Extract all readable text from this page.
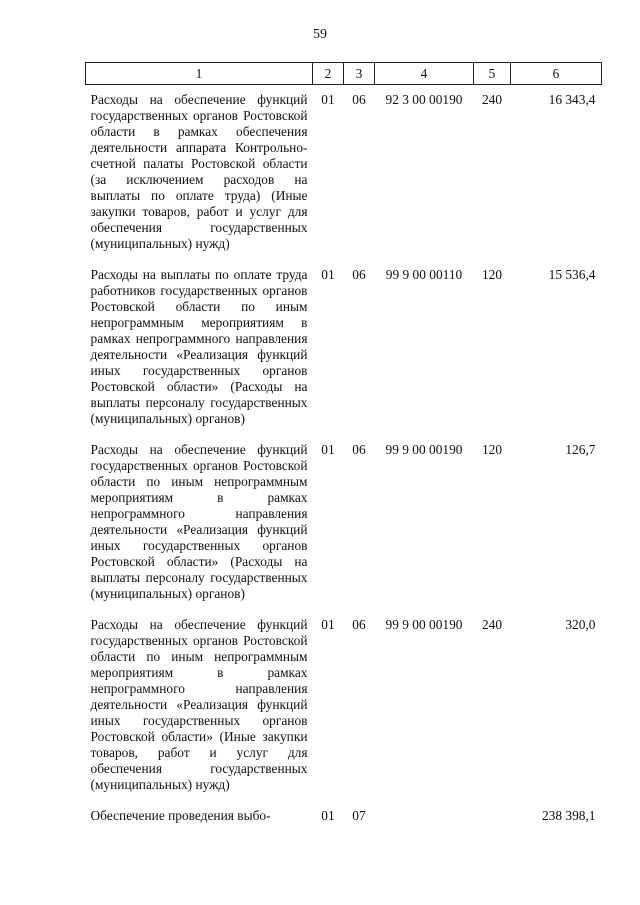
59
1	2	3	4	5	6
Расходы на обеспечение функций государственных органов Ростовской области в рамках обеспечения деятельности аппарата Контрольно-счетной палаты Ростовской области (за исключением расходов на выплаты по оплате труда) (Иные закупки товаров, работ и услуг для обеспечения государственных (муниципальных) нужд)	01	06	92 3 00 00190	240	16 343,4
Расходы на выплаты по оплате труда работников государственных органов Ростовской области по иным непрограммным мероприятиям в рамках непрограммного направления деятельности «Реализация функций иных государственных органов Ростовской области» (Расходы на выплаты персоналу государственных (муниципальных) органов)	01	06	99 9 00 00110	120	15 536,4
Расходы на обеспечение функций государственных органов Ростовской области по иным непрограммным мероприятиям в рамках непрограммного направления деятельности «Реализация функций иных государственных органов Ростовской области» (Расходы на выплаты персоналу государственных (муниципальных) органов)	01	06	99 9 00 00190	120	126,7
Расходы на обеспечение функций государственных органов Ростовской области по иным непрограммным мероприятиям в рамках непрограммного направления деятельности «Реализация функций иных государственных органов Ростовской области» (Иные закупки товаров, работ и услуг для обеспечения государственных (муниципальных) нужд)	01	06	99 9 00 00190	240	320,0
Обеспечение проведения выбо-	01	07			238 398,1
